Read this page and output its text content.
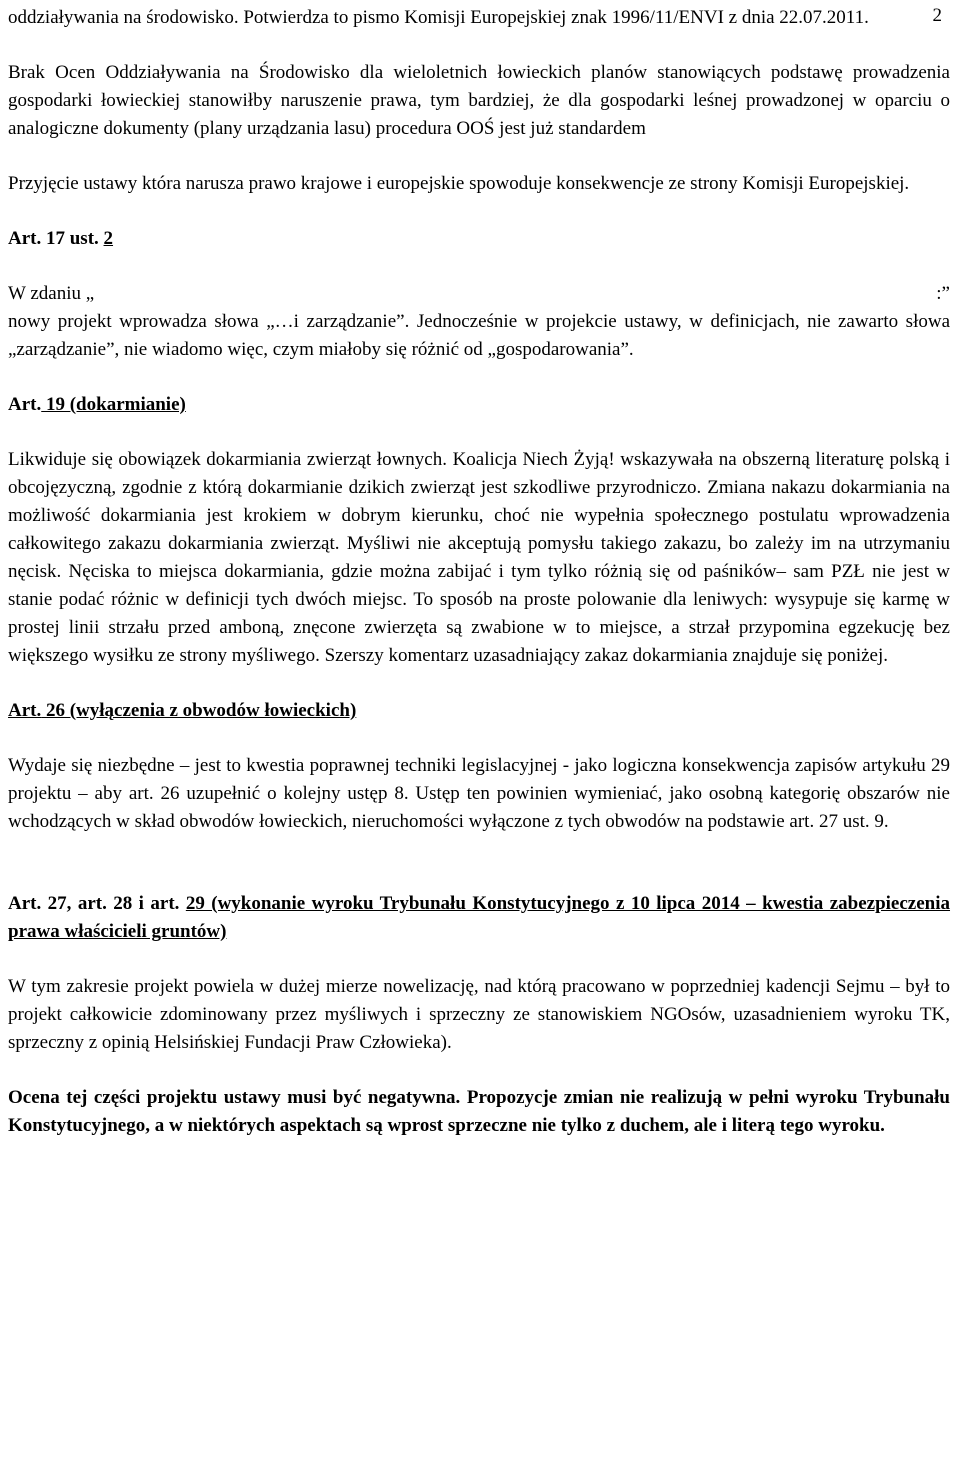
2

oddziaływania na środowisko. Potwierdza to pismo Komisji Europejskiej znak 1996/11/ENVI z dnia 22.07.2011.

Brak Ocen Oddziaływania na Środowisko dla wieloletnich łowieckich planów stanowiących podstawę prowadzenia gospodarki łowieckiej stanowiłby naruszenie prawa, tym bardziej, że dla gospodarki leśnej prowadzonej w oparciu o analogiczne dokumenty (plany urządzania lasu) procedura OOŚ jest już standardem

Przyjęcie ustawy która narusza prawo krajowe i europejskie spowoduje konsekwencje ze strony Komisji Europejskiej.

Art. 17 ust. 2

W zdaniu „	:”

nowy projekt wprowadza słowa „…i zarządzanie”. Jednocześnie w projekcie ustawy, w definicjach, nie zawarto słowa „zarządzanie”, nie wiadomo więc, czym miałoby się różnić od „gospodarowania”.

Art. 19 (dokarmianie)

Likwiduje się obowiązek dokarmiania zwierząt łownych. Koalicja Niech Żyją! wskazywała na obszerną literaturę polską i obcojęzyczną, zgodnie z którą dokarmianie dzikich zwierząt jest szkodliwe przyrodniczo. Zmiana nakazu dokarmiania na możliwość dokarmiania jest krokiem w dobrym kierunku, choć nie wypełnia społecznego postulatu wprowadzenia całkowitego zakazu dokarmiania zwierząt. Myśliwi nie akceptują pomysłu takiego zakazu, bo zależy im na utrzymaniu nęcisk. Nęciska to miejsca dokarmiania, gdzie można zabijać i tym tylko różnią się od paśników– sam PZŁ nie jest w stanie podać różnic w definicji tych dwóch miejsc. To sposób na proste polowanie dla leniwych: wysypuje się karmę w prostej linii strzału przed amboną, znęcone zwierzęta są zwabione w to miejsce, a strzał przypomina egzekucję bez większego wysiłku ze strony myśliwego. Szerszy komentarz uzasadniający zakaz dokarmiania znajduje się poniżej.

Art. 26 (wyłączenia z obwodów łowieckich)

Wydaje się niezbędne – jest to kwestia poprawnej techniki legislacyjnej - jako logiczna konsekwencja zapisów artykułu 29 projektu – aby art. 26 uzupełnić o kolejny ustęp 8. Ustęp ten powinien wymieniać, jako osobną kategorię obszarów nie wchodzących w skład obwodów łowieckich, nieruchomości wyłączone z tych obwodów na podstawie art. 27 ust. 9.

Art. 27, art. 28 i art. 29 (wykonanie wyroku Trybunału Konstytucyjnego z 10 lipca 2014 – kwestia zabezpieczenia prawa właścicieli gruntów)

W tym zakresie projekt powiela w dużej mierze nowelizację, nad którą pracowano w poprzedniej kadencji Sejmu – był to projekt całkowicie zdominowany przez myśliwych i sprzeczny ze stanowiskiem NGOsów, uzasadnieniem wyroku TK, sprzeczny z opinią Helsińskiej Fundacji Praw Człowieka).

Ocena tej części projektu ustawy musi być negatywna. Propozycje zmian nie realizują w pełni wyroku Trybunału Konstytucyjnego, a w niektórych aspektach są wprost sprzeczne nie tylko z duchem, ale i literą tego wyroku.
